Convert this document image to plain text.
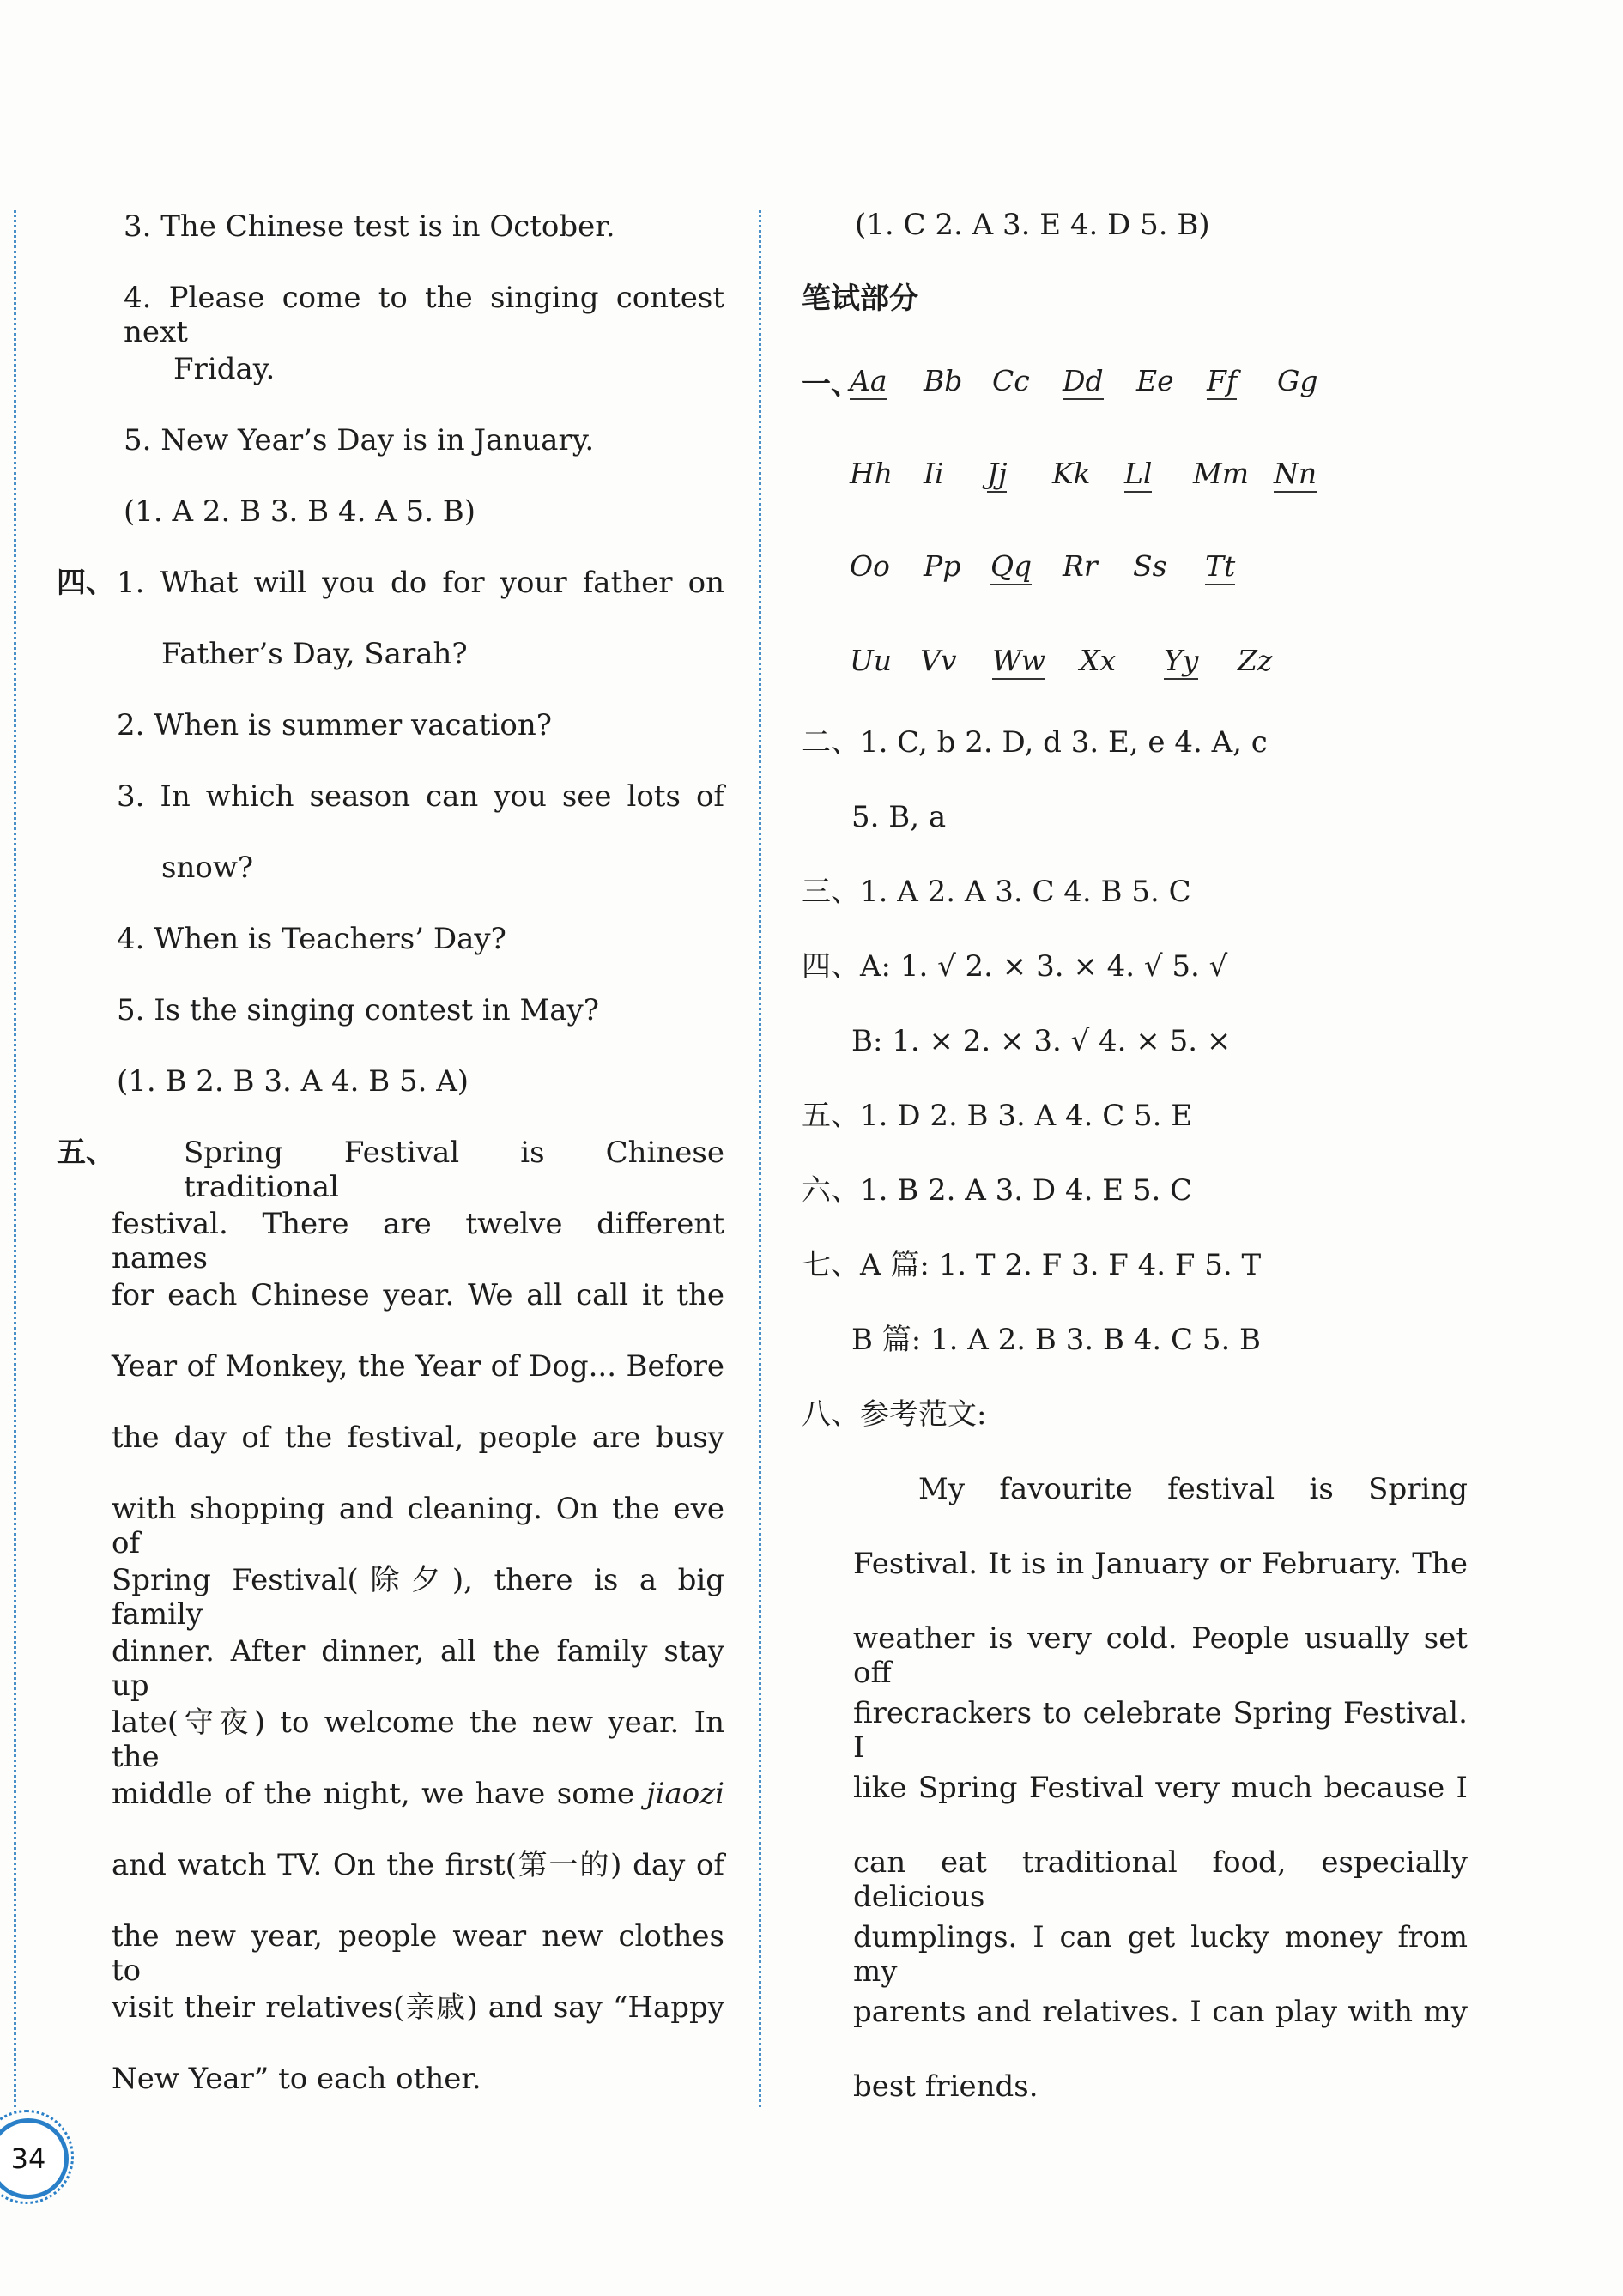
3. The Chinese test is in October.
4. Please come to the singing contest next
Friday.
5. New Year’s Day is in January.
(1. A 2. B 3. B 4. A 5. B)
四、 1. What will you do for your father on
Father’s Day, Sarah?
2. When is summer vacation?
3. In which season can you see lots of
snow?
4. When is Teachers’ Day?
5. Is the singing contest in May?
(1. B 2. B 3. A 4. B 5. A)
五、 Spring Festival is Chinese traditional
festival. There are twelve different names
for each Chinese year. We all call it the
Year of Monkey, the Year of Dog... Before
the day of the festival, people are busy
with shopping and cleaning. On the eve of
Spring Festival(除夕), there is a big family
dinner. After dinner, all the family stay up
late(守夜) to welcome the new year. In the
middle of the night, we have some jiaozi
and watch TV. On the first(第一的) day of
the new year, people wear new clothes to
visit their relatives(亲戚) and say “Happy
New Year” to each other.
(1. C 2. A 3. E 4. D 5. B)
笔试部分
一、
Aa Bb Cc Dd Ee Ff Gg
Hh Ii Jj Kk Ll Mm Nn
Oo Pp Qq Rr Ss Tt
Uu Vv Ww Xx Yy Zz
二、1. C, b 2. D, d 3. E, e 4. A, c
5. B, a
三、1. A 2. A 3. C 4. B 5. C
四、A: 1. √ 2. × 3. × 4. √ 5. √
B: 1. × 2. × 3. √ 4. × 5. ×
五、1. D 2. B 3. A 4. C 5. E
六、1. B 2. A 3. D 4. E 5. C
七、A 篇: 1. T 2. F 3. F 4. F 5. T
B 篇: 1. A 2. B 3. B 4. C 5. B
八、参考范文:
My favourite festival is Spring
Festival. It is in January or February. The
weather is very cold. People usually set off
firecrackers to celebrate Spring Festival. I
like Spring Festival very much because I
can eat traditional food, especially delicious
dumplings. I can get lucky money from my
parents and relatives. I can play with my
best friends.
34
